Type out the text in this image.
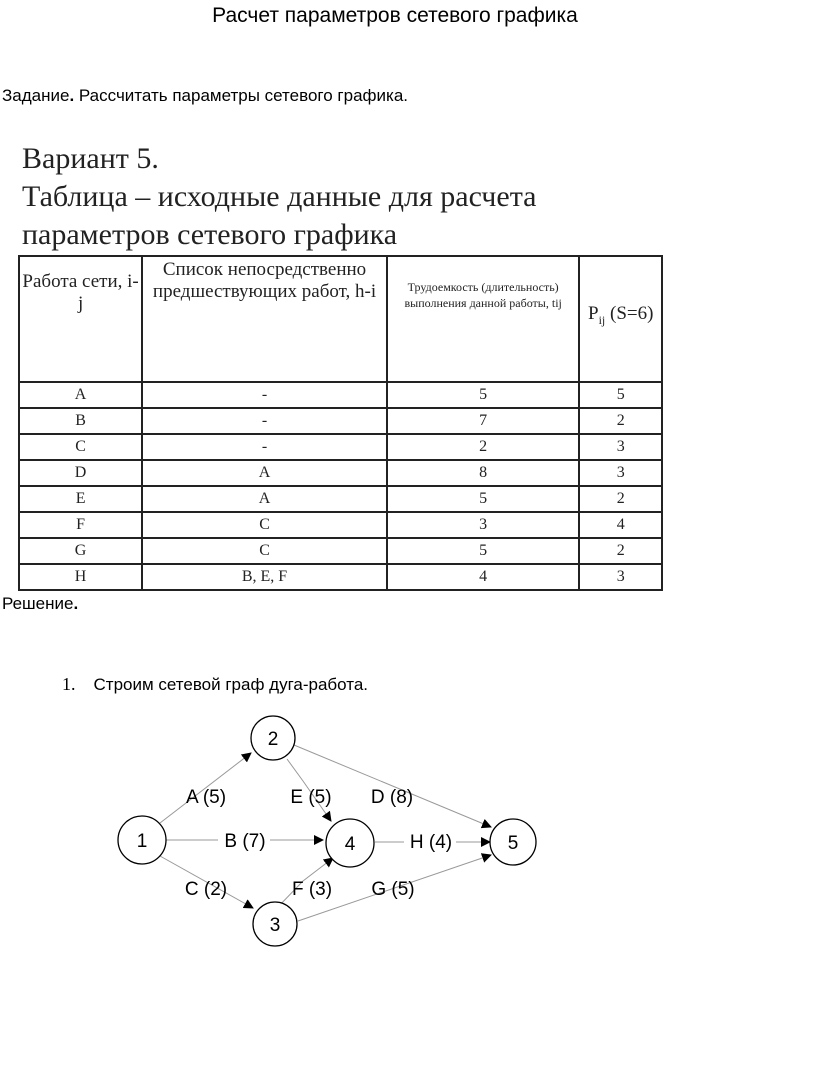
Расчет параметров сетевого графика
Задание. Рассчитать параметры сетевого графика.
Вариант 5.
Таблица – исходные данные для расчета
параметров сетевого графика
Работа сети, i-j	Список непосредственно предшествующих работ, h-i	Трудоемкость (длительность) выполнения данной работы, tij	$P_{ij}$ (S=6)
A	-	5	5
B	-	7	2
C	-	2	3
D	A	8	3
E	A	5	2
F	C	3	4
G	C	5	2
H	B, E, F	4	3
Решение.
1. Строим сетевой граф дуга-работа.
1
2
3
4	5
A (5)	E (5) D (8)
B (7)	H (4)
C (2)	F (3) G (5)
